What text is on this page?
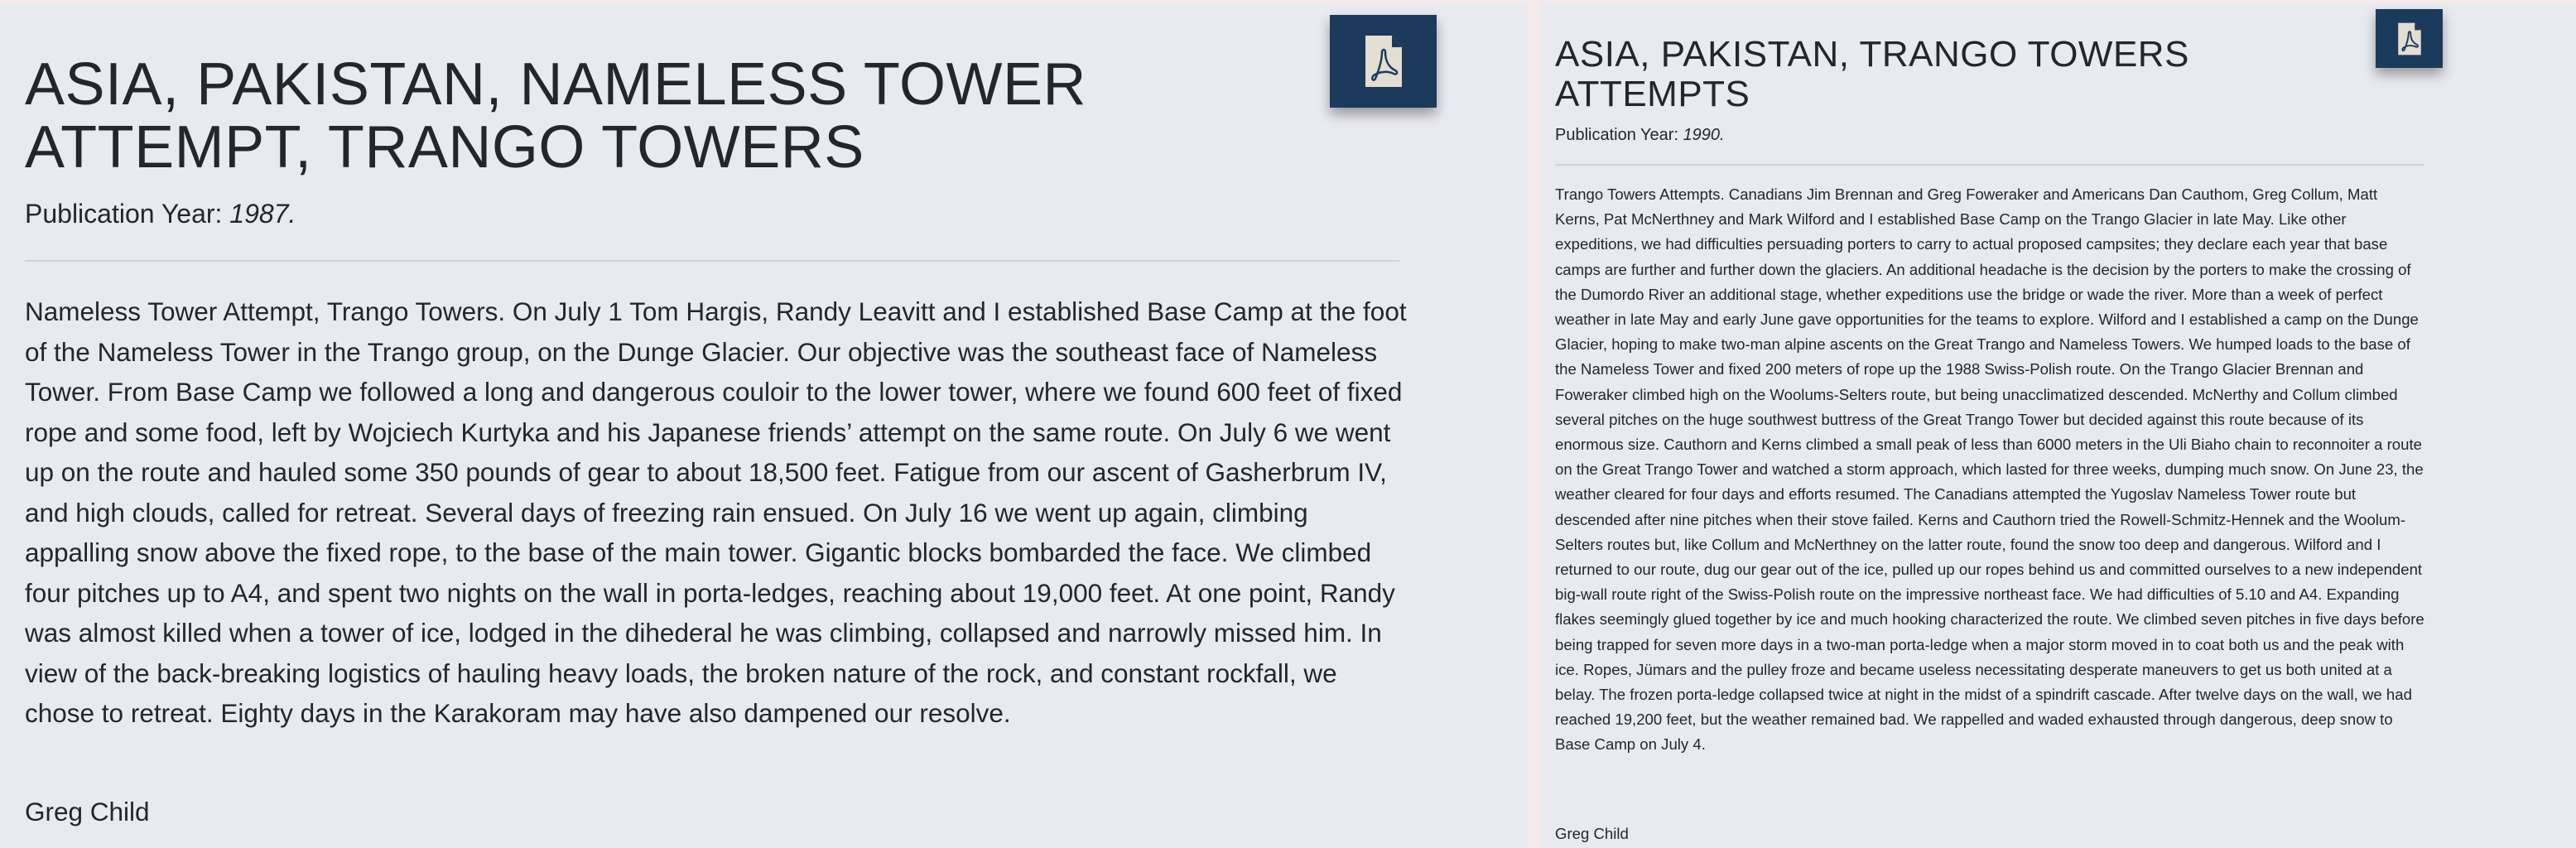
ASIA, PAKISTAN, NAMELESS TOWER ATTEMPT, TRANGO TOWERS

Publication Year: 1987.

Nameless Tower Attempt, Trango Towers. On July 1 Tom Hargis, Randy Leavitt and I established Base Camp at the foot of the Nameless Tower in the Trango group, on the Dunge Glacier. Our objective was the southeast face of Nameless Tower. From Base Camp we followed a long and dangerous couloir to the lower tower, where we found 600 feet of fixed rope and some food, left by Wojciech Kurtyka and his Japanese friends’ attempt on the same route. On July 6 we went up on the route and hauled some 350 pounds of gear to about 18,500 feet. Fatigue from our ascent of Gasherbrum IV, and high clouds, called for retreat. Several days of freezing rain ensued. On July 16 we went up again, climbing appalling snow above the fixed rope, to the base of the main tower. Gigantic blocks bombarded the face. We climbed four pitches up to A4, and spent two nights on the wall in porta-ledges, reaching about 19,000 feet. At one point, Randy was almost killed when a tower of ice, lodged in the dihederal he was climbing, collapsed and narrowly missed him. In view of the back-breaking logistics of hauling heavy loads, the broken nature of the rock, and constant rockfall, we chose to retreat. Eighty days in the Karakoram may have also dampened our resolve.

Greg Child

ASIA, PAKISTAN, TRANGO TOWERS ATTEMPTS

Publication Year: 1990.

Trango Towers Attempts. Canadians Jim Brennan and Greg Foweraker and Americans Dan Cauthom, Greg Collum, Matt Kerns, Pat McNerthney and Mark Wilford and I established Base Camp on the Trango Glacier in late May. Like other expeditions, we had difficulties persuading porters to carry to actual proposed campsites; they declare each year that base camps are further and further down the glaciers. An additional headache is the decision by the porters to make the crossing of the Dumordo River an additional stage, whether expeditions use the bridge or wade the river. More than a week of perfect weather in late May and early June gave opportunities for the teams to explore. Wilford and I established a camp on the Dunge Glacier, hoping to make two-man alpine ascents on the Great Trango and Nameless Towers. We humped loads to the base of the Nameless Tower and fixed 200 meters of rope up the 1988 Swiss-Polish route. On the Trango Glacier Brennan and Foweraker climbed high on the Woolums-Selters route, but being unacclimatized descended. McNerthy and Collum climbed several pitches on the huge southwest buttress of the Great Trango Tower but decided against this route because of its enormous size. Cauthorn and Kerns climbed a small peak of less than 6000 meters in the Uli Biaho chain to reconnoiter a route on the Great Trango Tower and watched a storm approach, which lasted for three weeks, dumping much snow. On June 23, the weather cleared for four days and efforts resumed. The Canadians attempted the Yugoslav Nameless Tower route but descended after nine pitches when their stove failed. Kerns and Cauthorn tried the Rowell-Schmitz-Hennek and the Woolum-Selters routes but, like Collum and McNerthney on the latter route, found the snow too deep and dangerous. Wilford and I returned to our route, dug our gear out of the ice, pulled up our ropes behind us and committed ourselves to a new independent big-wall route right of the Swiss-Polish route on the impressive northeast face. We had difficulties of 5.10 and A4. Expanding flakes seemingly glued together by ice and much hooking characterized the route. We climbed seven pitches in five days before being trapped for seven more days in a two-man porta-ledge when a major storm moved in to coat both us and the peak with ice. Ropes, Jümars and the pulley froze and became useless necessitating desperate maneuvers to get us both united at a belay. The frozen porta-ledge collapsed twice at night in the midst of a spindrift cascade. After twelve days on the wall, we had reached 19,200 feet, but the weather remained bad. We rappelled and waded exhausted through dangerous, deep snow to Base Camp on July 4.

Greg Child
